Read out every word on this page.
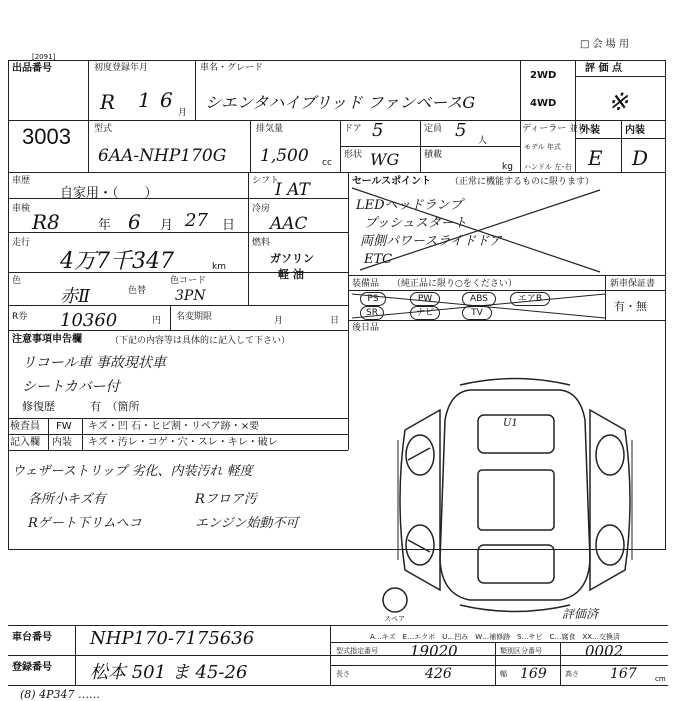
[2091]
□ 会 場 用
出品番号
3003
初度登録年月
R 1 6
月
車名・グレード
シエンタハイブリッド ファンベースG
2WD
4WD
評 価 点
※
型式
6AA-NHP170G
排気量
1,500 cc
ドア 5	定員 5 人
形状 WG	積載
kg
ディーラー 並行
モデル 年式
ハンドル 左･右
外装	内装
E D
車歴
自家用・（　　）
シフト
I AT
車検
R8	年 6 月 27 日
冷房
AAC
走行
4万7千347	km
燃料
ガソリン
軽 油
色
赤Ⅱ	色替
色コード
3PN
R券 10360	円 名変期限	月	日
セールスポイント （正常に機能するものに限ります）
LEDヘッドランプ
プッシュスタート
両側パワースライドドア
ETC
装備品 （純正品に限り○をください）	新車保証書
有・無
PS	PW	ABS	エアB
SR	ナビ	TV
後日品
注意事項申告欄	（下記の内容等は具体的に記入して下さい）
リコール車 事故現状車
シートカバー付
修復歴	有　（箇所
検査員 FW キズ・凹 石・ヒビ割・リペア跡・×要
記入欄 内装 キズ・汚レ・コゲ・穴・スレ・キレ・破レ
ウェザーストリップ 劣化、内装汚れ 軽度
各所小キズ有
Rゲート下リムへコ
Rフロア汚
エンジン始動不可
U1
スペア	評価済
A…キズ　E…エクボ　U…凹み　W…補修跡　S…サビ　C…腐食　XX…交換済
車台番号 NHP170-7175636
登録番号 松本 501 ま 45-26
(8) 4P347 ……
型式指定番号 19020	類別区分番号	0002
長さ	426	幅 169	高さ 167	cm
